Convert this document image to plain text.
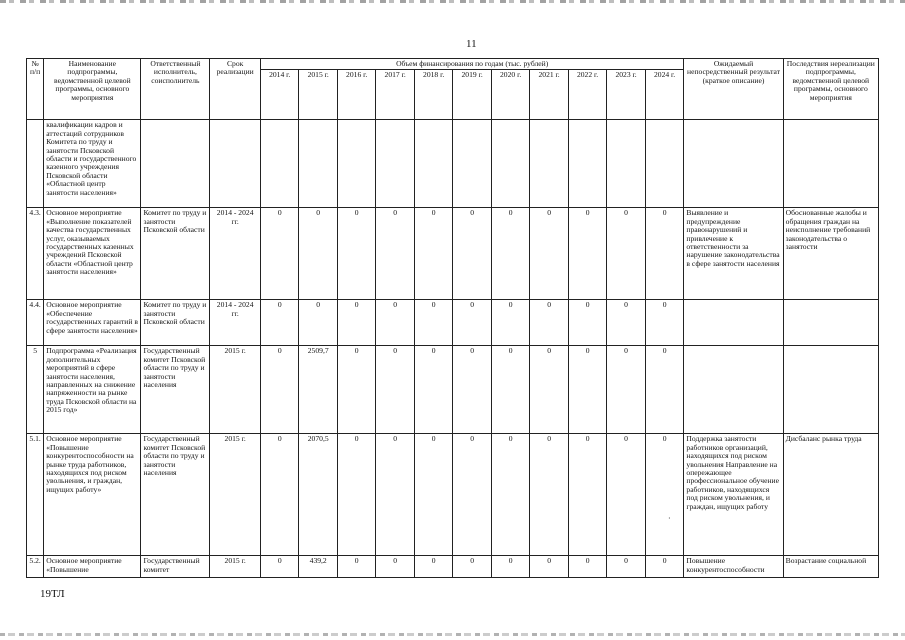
11
№ п/п	Наименование подпрограммы, ведомственной целевой программы, основного мероприятия	Ответственный исполнитель, соисполнитель	Срок реализации	Объем финансирования по годам (тыс. рублей)											Ожидаемый непосредственный результат (краткое описание)	Последствия нереализации подпрограммы, ведомственной целевой программы, основного мероприятия
				2014 г.	2015 г.	2016 г.	2017 г.	2018 г.	2019 г.	2020 г.	2021 г.	2022 г.	2023 г.	2024 г.		
	квалификации кадров и аттестаций сотрудников Комитета по труду и занятости Псковской области и государственного казенного учреждения Псковской области «Областной центр занятости населения»															
4.3.	Основное мероприятие «Выполнение показателей качества государственных услуг, оказываемых государственных казенных учреждений Псковской области «Областной центр занятости населения»	Комитет по труду и занятости Псковской области	2014 - 2024 гг.	0	0	0	0	0	0	0	0	0	0	0	Выявление и предупреждение правонарушений и привлечение к ответственности за нарушение законодательства в сфере занятости населения	Обоснованные жалобы и обращения граждан на неисполнение требований законодательства о занятости
4.4.	Основное мероприятие «Обеспечение государственных гарантий в сфере занятости населения»	Комитет по труду и занятости Псковской области	2014 - 2024 гг.	0	0	0	0	0	0	0	0	0	0	0		
5	Подпрограмма «Реализация дополнительных мероприятий в сфере занятости населения, направленных на снижение напряженности на рынке труда Псковской области на 2015 год»	Государственный комитет Псковской области по труду и занятости населения	2015 г.	0	2509,7	0	0	0	0	0	0	0	0	0		
5.1.	Основное мероприятие «Повышение конкурентоспособности на рынке труда работников, находящихся под риском увольнения, и граждан, ищущих работу»	Государственный комитет Псковской области по труду и занятости населения	2015 г.	0	2070,5	0	0	0	0	0	0	0	0	0	Поддержка занятости работников организаций, находящихся под риском увольнения Направление на опережающее профессиональное обучение работников, находящихся под риском увольнения, и граждан, ищущих работу	Дисбаланс рынка труда
5.2.	Основное мероприятие «Повышение	Государственный комитет	2015 г.	0	439,2	0	0	0	0	0	0	0	0	0	Повышение конкурентоспособности	Возрастание социальной
·
19ТЛ
